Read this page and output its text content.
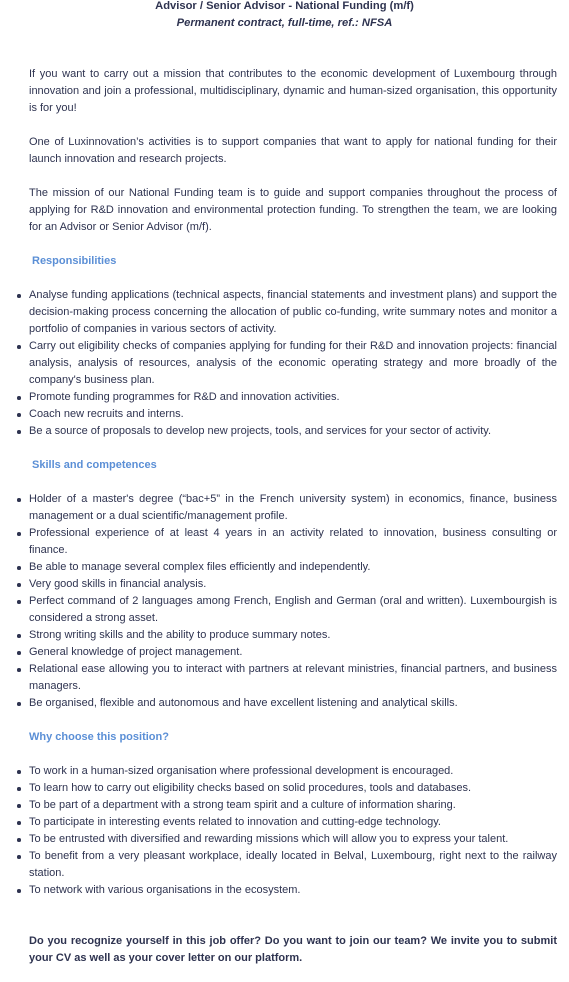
Advisor / Senior Advisor - National Funding (m/f)
Permanent contract, full-time, ref.: NFSA

If you want to carry out a mission that contributes to the economic development of Luxembourg through innovation and join a professional, multidisciplinary, dynamic and human-sized organisation, this opportunity is for you!

One of Luxinnovation’s activities is to support companies that want to apply for national funding for their launch innovation and research projects.

The mission of our National Funding team is to guide and support companies throughout the process of applying for R&D innovation and environmental protection funding. To strengthen the team, we are looking for an Advisor or Senior Advisor (m/f).

Responsibilities
Analyse funding applications (technical aspects, financial statements and investment plans) and support the decision-making process concerning the allocation of public co-funding, write summary notes and monitor a portfolio of companies in various sectors of activity.
Carry out eligibility checks of companies applying for funding for their R&D and innovation projects: financial analysis, analysis of resources, analysis of the economic operating strategy and more broadly of the company's business plan.
Promote funding programmes for R&D and innovation activities.
Coach new recruits and interns.
Be a source of proposals to develop new projects, tools, and services for your sector of activity.
Skills and competences
Holder of a master's degree (“bac+5” in the French university system) in economics, finance, business management or a dual scientific/management profile.
Professional experience of at least 4 years in an activity related to innovation, business consulting or finance.
Be able to manage several complex files efficiently and independently.
Very good skills in financial analysis.
Perfect command of 2 languages among French, English and German (oral and written). Luxembourgish is considered a strong asset.
Strong writing skills and the ability to produce summary notes.
General knowledge of project management.
Relational ease allowing you to interact with partners at relevant ministries, financial partners, and business managers.
Be organised, flexible and autonomous and have excellent listening and analytical skills.
Why choose this position?
To work in a human-sized organisation where professional development is encouraged.
To learn how to carry out eligibility checks based on solid procedures, tools and databases.
To be part of a department with a strong team spirit and a culture of information sharing.
To participate in interesting events related to innovation and cutting-edge technology.
To be entrusted with diversified and rewarding missions which will allow you to express your talent.
To benefit from a very pleasant workplace, ideally located in Belval, Luxembourg, right next to the railway station.
To network with various organisations in the ecosystem.

Do you recognize yourself in this job offer? Do you want to join our team? We invite you to submit your CV as well as your cover letter on our platform.
